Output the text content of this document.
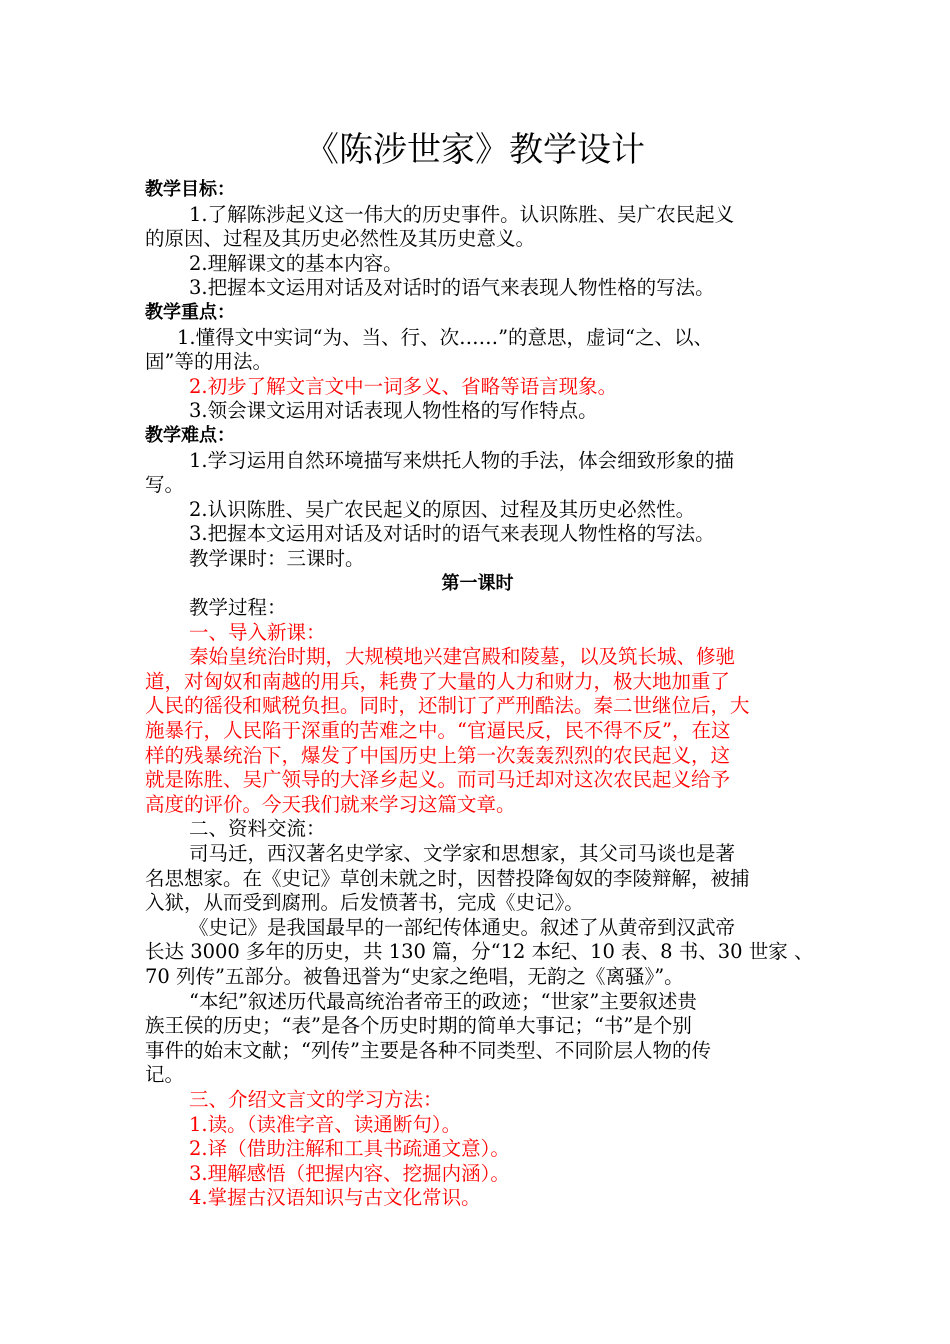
《陈涉世家》教学设计
教学目标：
1.了解陈涉起义这一伟大的历史事件。认识陈胜、吴广农民起义
的原因、过程及其历史必然性及其历史意义。
2.理解课文的基本内容。
3.把握本文运用对话及对话时的语气来表现人物性格的写法。
教学重点：
1.懂得文中实词“为、当、行、次……”的意思，虚词“之、以、
固”等的用法。
2.初步了解文言文中一词多义、省略等语言现象。
3.领会课文运用对话表现人物性格的写作特点。
教学难点：
1.学习运用自然环境描写来烘托人物的手法，体会细致形象的描
写。
2.认识陈胜、吴广农民起义的原因、过程及其历史必然性。
3.把握本文运用对话及对话时的语气来表现人物性格的写法。
教学课时：三课时。
第一课时
教学过程：
一、导入新课：
秦始皇统治时期，大规模地兴建宫殿和陵墓，以及筑长城、修驰
道，对匈奴和南越的用兵，耗费了大量的人力和财力，极大地加重了
人民的徭役和赋税负担。同时，还制订了严刑酷法。秦二世继位后，大
施暴行，人民陷于深重的苦难之中。“官逼民反，民不得不反”，在这
样的残暴统治下，爆发了中国历史上第一次轰轰烈烈的农民起义，这
就是陈胜、吴广领导的大泽乡起义。而司马迁却对这次农民起义给予
高度的评价。今天我们就来学习这篇文章。
二、资料交流：
司马迁，西汉著名史学家、文学家和思想家，其父司马谈也是著
名思想家。在《史记》草创未就之时，因替投降匈奴的李陵辩解，被捕
入狱，从而受到腐刑。后发愤著书，完成《史记》。
《史记》是我国最早的一部纪传体通史。叙述了从黄帝到汉武帝
长达 3000 多年的历史，共 130 篇，分“12 本纪、10 表、8 书、30 世家 、
70 列传”五部分。被鲁迅誉为“史家之绝唱，无韵之《离骚》”。
“本纪”叙述历代最高统治者帝王的政迹；“世家”主要叙述贵
族王侯的历史；“表”是各个历史时期的简单大事记；“书”是个别
事件的始末文献；“列传”主要是各种不同类型、不同阶层人物的传
记。
三、介绍文言文的学习方法：
1.读。（读准字音、读通断句）。
2.译（借助注解和工具书疏通文意）。
3.理解感悟（把握内容、挖掘内涵）。
4.掌握古汉语知识与古文化常识。
